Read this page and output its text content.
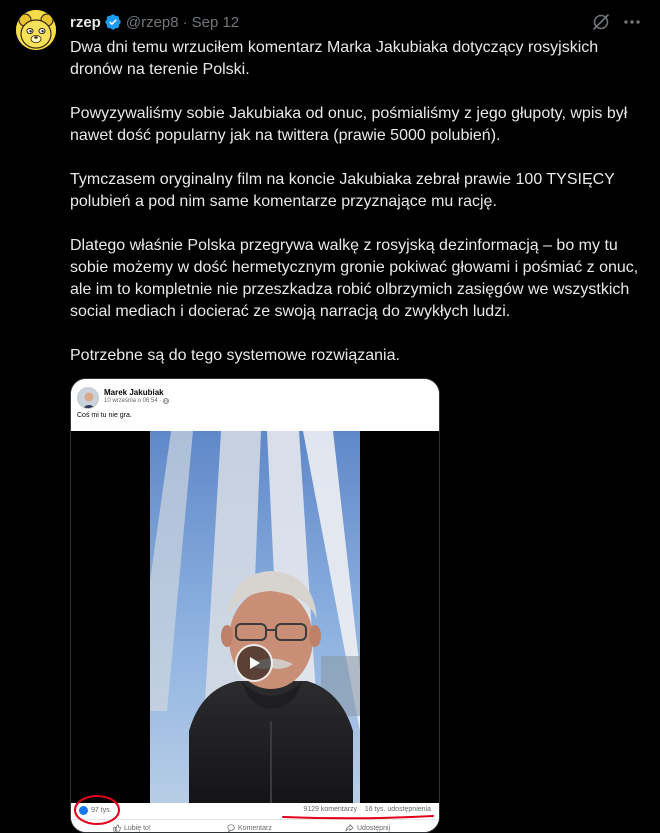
rzep @rzep8 · Sep 12

Dwa dni temu wrzuciłem komentarz Marka Jakubiaka dotyczący rosyjskich dronów na terenie Polski.

Powyzywaliśmy sobie Jakubiaka od onuc, pośmialiśmy z jego głupoty, wpis był nawet dość popularny jak na twittera (prawie 5000 polubień).

Tymczasem oryginalny film na koncie Jakubiaka zebrał prawie 100 TYSIĘCY polubień a pod nim same komentarze przyznające mu rację.

Dlatego właśnie Polska przegrywa walkę z rosyjską dezinformacją – bo my tu sobie możemy w dość hermetycznym gronie pokiwać głowami i pośmiać z onuc, ale im to kompletnie nie przeszkadza robić olbrzymich zasięgów we wszystkich social mediach i docierać ze swoją narracją do zwykłych ludzi.

Potrzebne są do tego systemowe rozwiązania.

Marek Jakubiak
10 września o 06:54 ·
Coś mi tu nie gra.
97 tys.	9129 komentarzy 16 tys. udostępnienia
Lubię to!	Komentarz	Udostępnij
